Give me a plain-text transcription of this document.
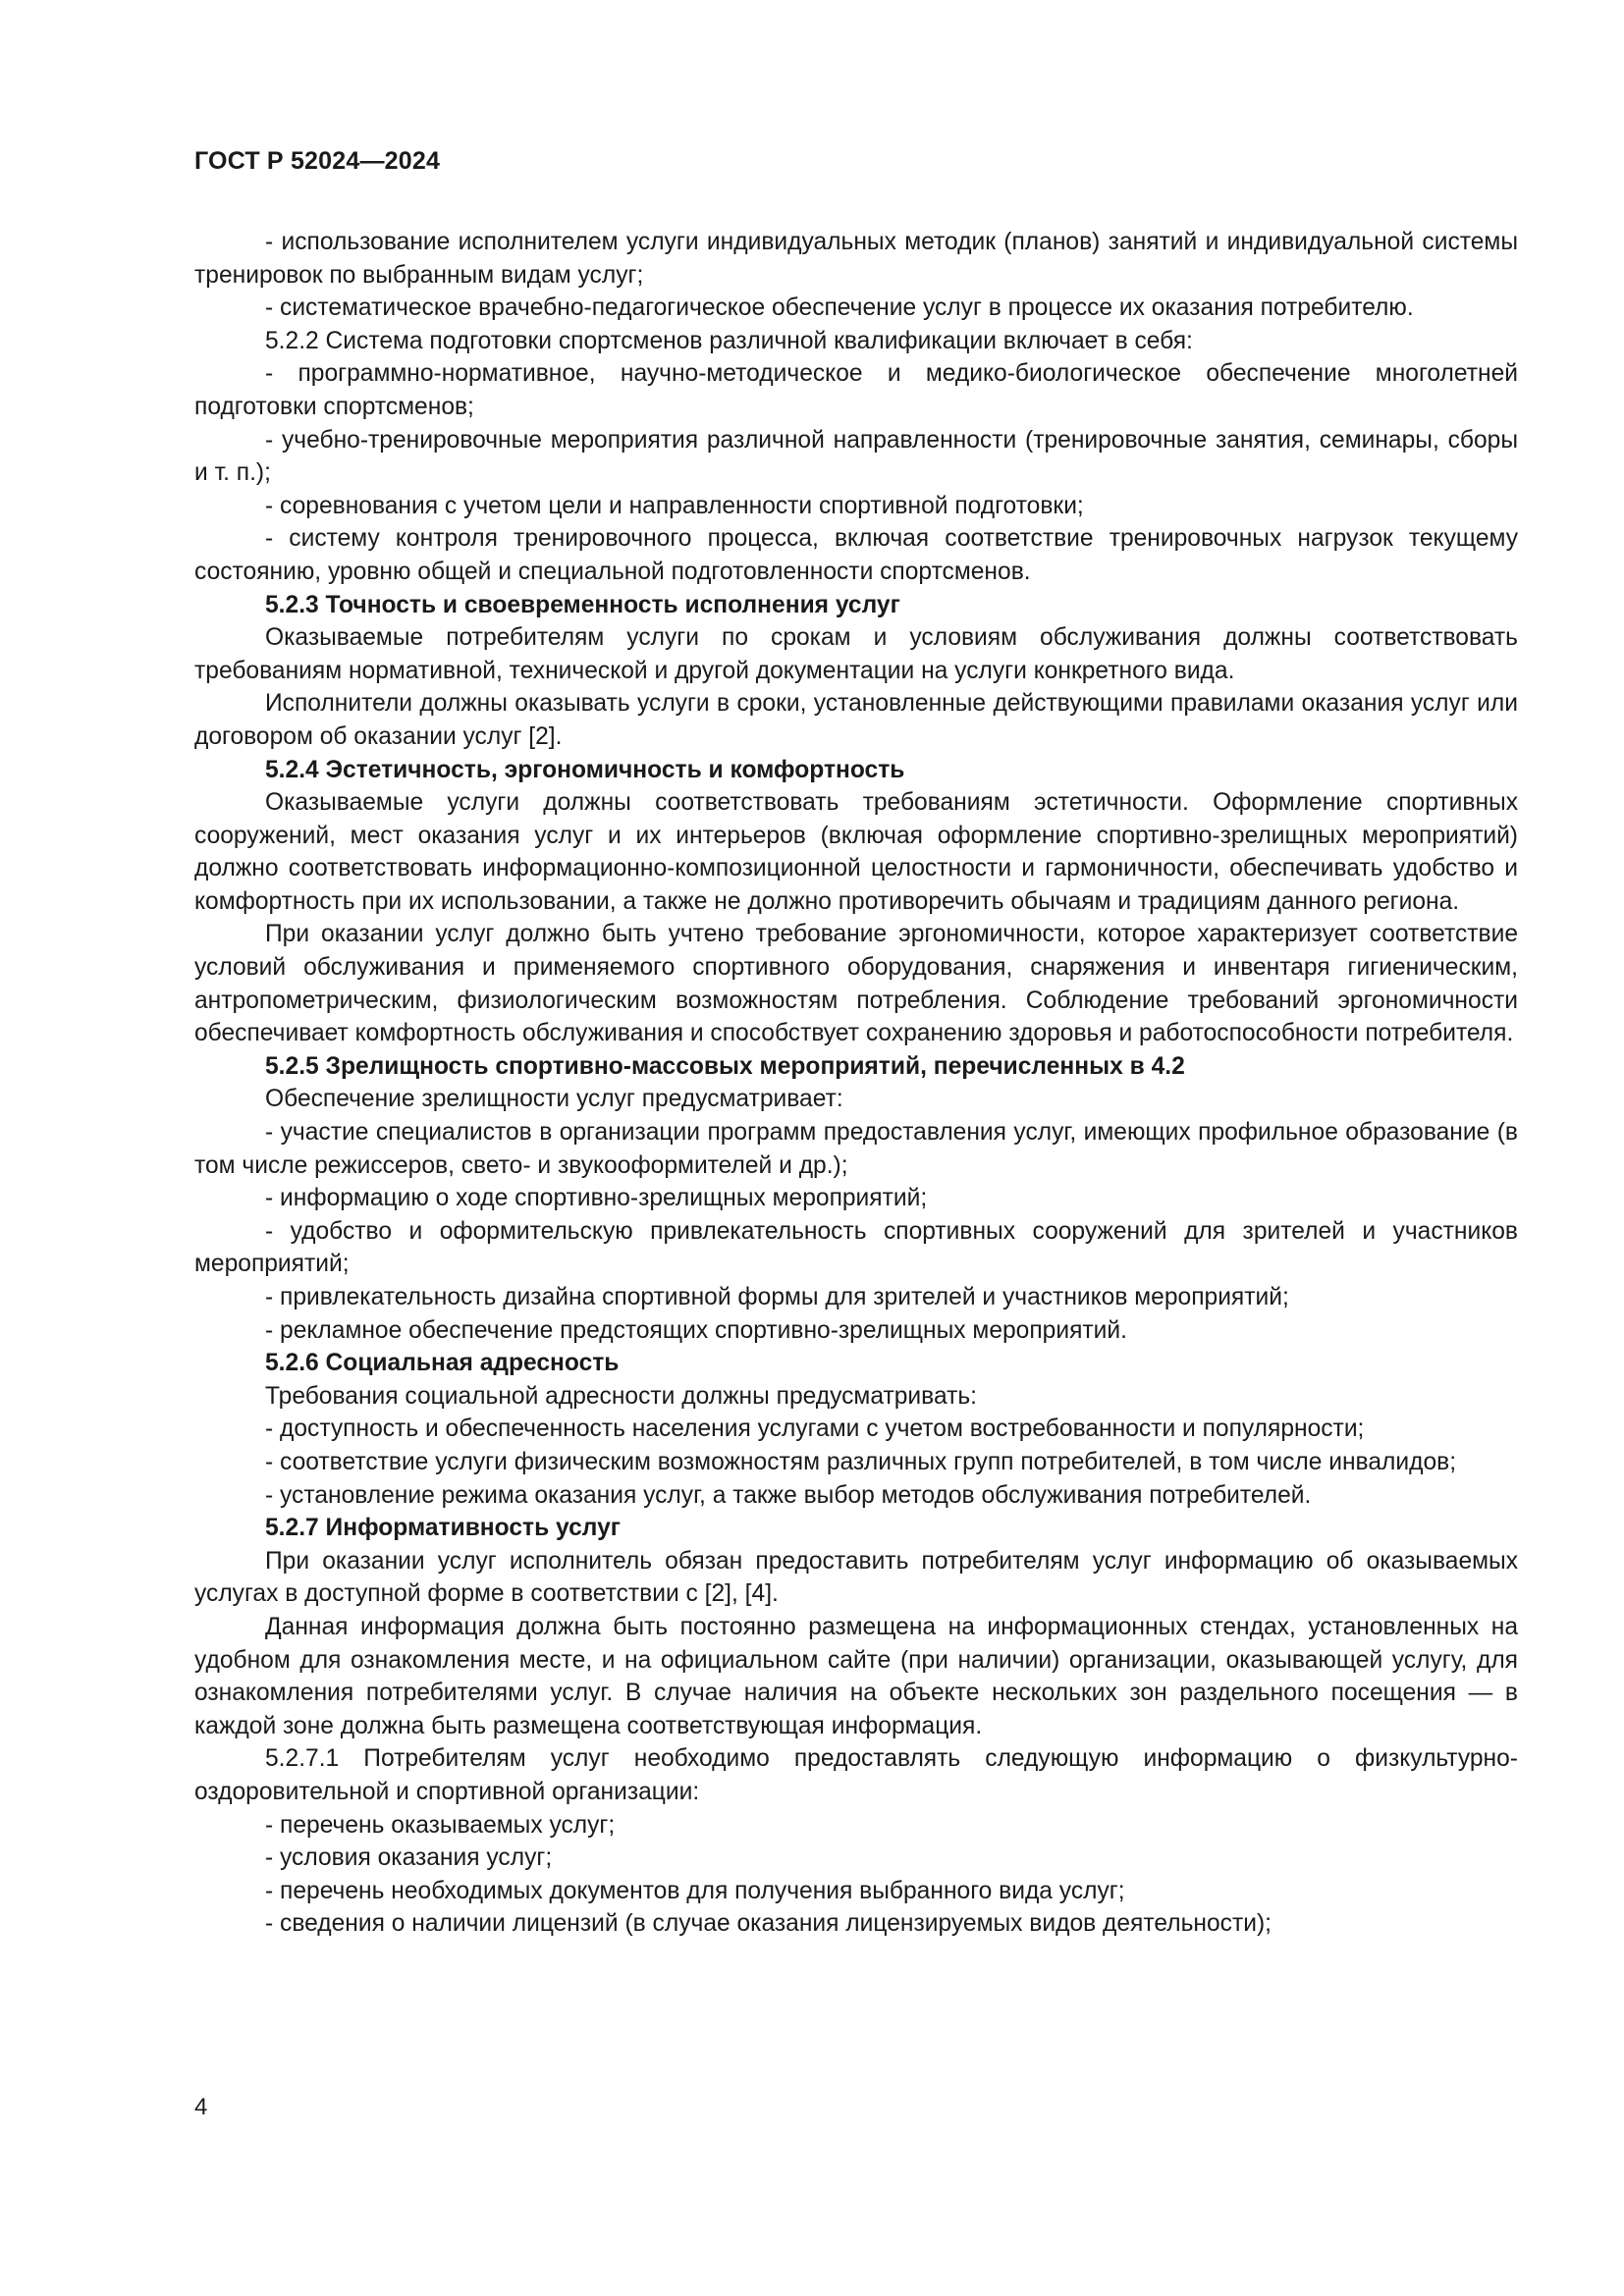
ГОСТ Р 52024—2024

- использование исполнителем услуги индивидуальных методик (планов) занятий и индивидуальной системы тренировок по выбранным видам услуг;

- систематическое врачебно-педагогическое обеспечение услуг в процессе их оказания потребителю.

5.2.2 Система подготовки спортсменов различной квалификации включает в себя:

- программно-нормативное, научно-методическое и медико-биологическое обеспечение многолетней подготовки спортсменов;

- учебно-тренировочные мероприятия различной направленности (тренировочные занятия, семинары, сборы и т. п.);

- соревнования с учетом цели и направленности спортивной подготовки;

- систему контроля тренировочного процесса, включая соответствие тренировочных нагрузок текущему состоянию, уровню общей и специальной подготовленности спортсменов.

5.2.3 Точность и своевременность исполнения услуг

Оказываемые потребителям услуги по срокам и условиям обслуживания должны соответствовать требованиям нормативной, технической и другой документации на услуги конкретного вида.

Исполнители должны оказывать услуги в сроки, установленные действующими правилами оказания услуг или договором об оказании услуг [2].

5.2.4 Эстетичность, эргономичность и комфортность

Оказываемые услуги должны соответствовать требованиям эстетичности. Оформление спортивных сооружений, мест оказания услуг и их интерьеров (включая оформление спортивно-зрелищных мероприятий) должно соответствовать информационно-композиционной целостности и гармоничности, обеспечивать удобство и комфортность при их использовании, а также не должно противоречить обычаям и традициям данного региона.

При оказании услуг должно быть учтено требование эргономичности, которое характеризует соответствие условий обслуживания и применяемого спортивного оборудования, снаряжения и инвентаря гигиеническим, антропометрическим, физиологическим возможностям потребления. Соблюдение требований эргономичности обеспечивает комфортность обслуживания и способствует сохранению здоровья и работоспособности потребителя.

5.2.5 Зрелищность спортивно-массовых мероприятий, перечисленных в 4.2

Обеспечение зрелищности услуг предусматривает:

- участие специалистов в организации программ предоставления услуг, имеющих профильное образование (в том числе режиссеров, свето- и звукооформителей и др.);

- информацию о ходе спортивно-зрелищных мероприятий;

- удобство и оформительскую привлекательность спортивных сооружений для зрителей и участников мероприятий;

- привлекательность дизайна спортивной формы для зрителей и участников мероприятий;

- рекламное обеспечение предстоящих спортивно-зрелищных мероприятий.

5.2.6 Социальная адресность

Требования социальной адресности должны предусматривать:

- доступность и обеспеченность населения услугами с учетом востребованности и популярности;

- соответствие услуги физическим возможностям различных групп потребителей, в том числе инвалидов;

- установление режима оказания услуг, а также выбор методов обслуживания потребителей.

5.2.7 Информативность услуг

При оказании услуг исполнитель обязан предоставить потребителям услуг информацию об оказываемых услугах в доступной форме в соответствии с [2], [4].

Данная информация должна быть постоянно размещена на информационных стендах, установленных на удобном для ознакомления месте, и на официальном сайте (при наличии) организации, оказывающей услугу, для ознакомления потребителями услуг. В случае наличия на объекте нескольких зон раздельного посещения — в каждой зоне должна быть размещена соответствующая информация.

5.2.7.1 Потребителям услуг необходимо предоставлять следующую информацию о физкультурно-оздоровительной и спортивной организации:

- перечень оказываемых услуг;

- условия оказания услуг;

- перечень необходимых документов для получения выбранного вида услуг;

- сведения о наличии лицензий (в случае оказания лицензируемых видов деятельности);

4
